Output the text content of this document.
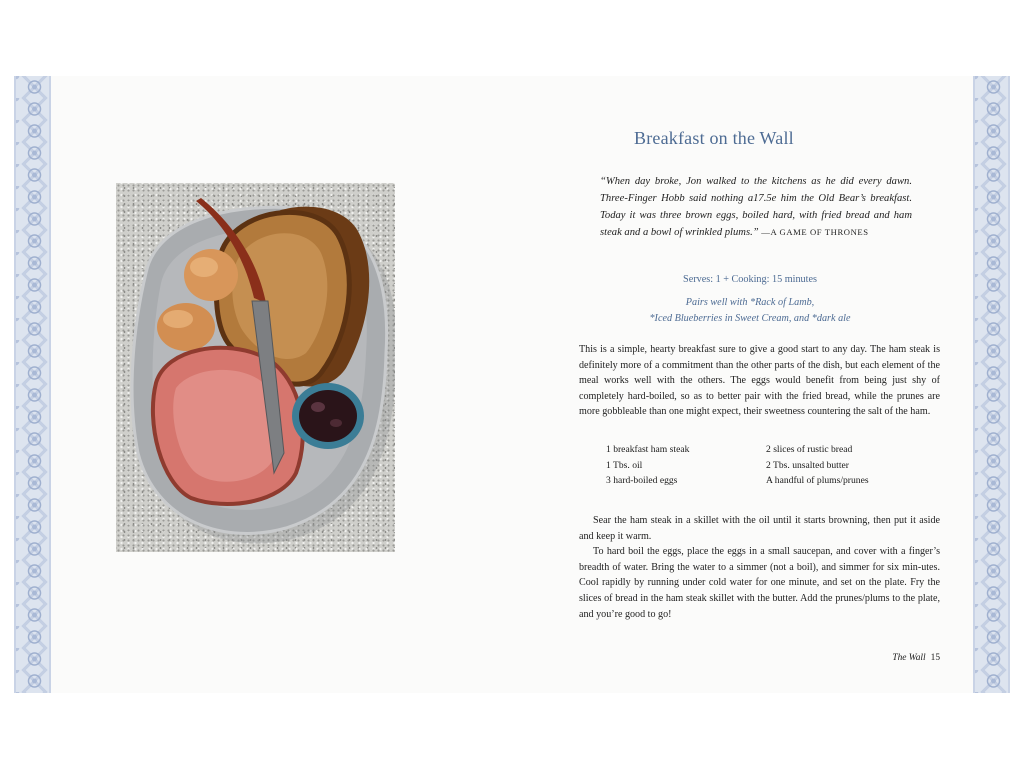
Breakfast on the Wall
“When day broke, Jon walked to the kitchens as he did every dawn. Three-Finger Hobb said nothing a17.5e him the Old Bear’s breakfast. Today it was three brown eggs, boiled hard, with fried bread and ham steak and a bowl of wrinkled plums.” —A GAME OF THRONES
Serves: 1 + Cooking: 15 minutes
Pairs well with *Rack of Lamb,
*Iced Blueberries in Sweet Cream, and *dark ale
This is a simple, hearty breakfast sure to give a good start to any day. The ham steak is definitely more of a commitment than the other parts of the dish, but each element of the meal works well with the others. The eggs would benefit from being just shy of completely hard-boiled, so as to better pair with the fried bread, while the prunes are more gobbleable than one might expect, their sweetness countering the salt of the ham.
1 breakfast ham steak
1 Tbs. oil
3 hard-boiled eggs
2 slices of rustic bread
2 Tbs. unsalted butter
A handful of plums/prunes

Sear the ham steak in a skillet with the oil until it starts browning, then put it aside and keep it warm.

To hard boil the eggs, place the eggs in a small saucepan, and cover with a finger’s breadth of water. Bring the water to a simmer (not a boil), and simmer for six min-utes. Cool rapidly by running under cold water for one minute, and set on the plate. Fry the slices of bread in the ham steak skillet with the butter. Add the prunes/plums to the plate, and you’re good to go!

The Wall 15
